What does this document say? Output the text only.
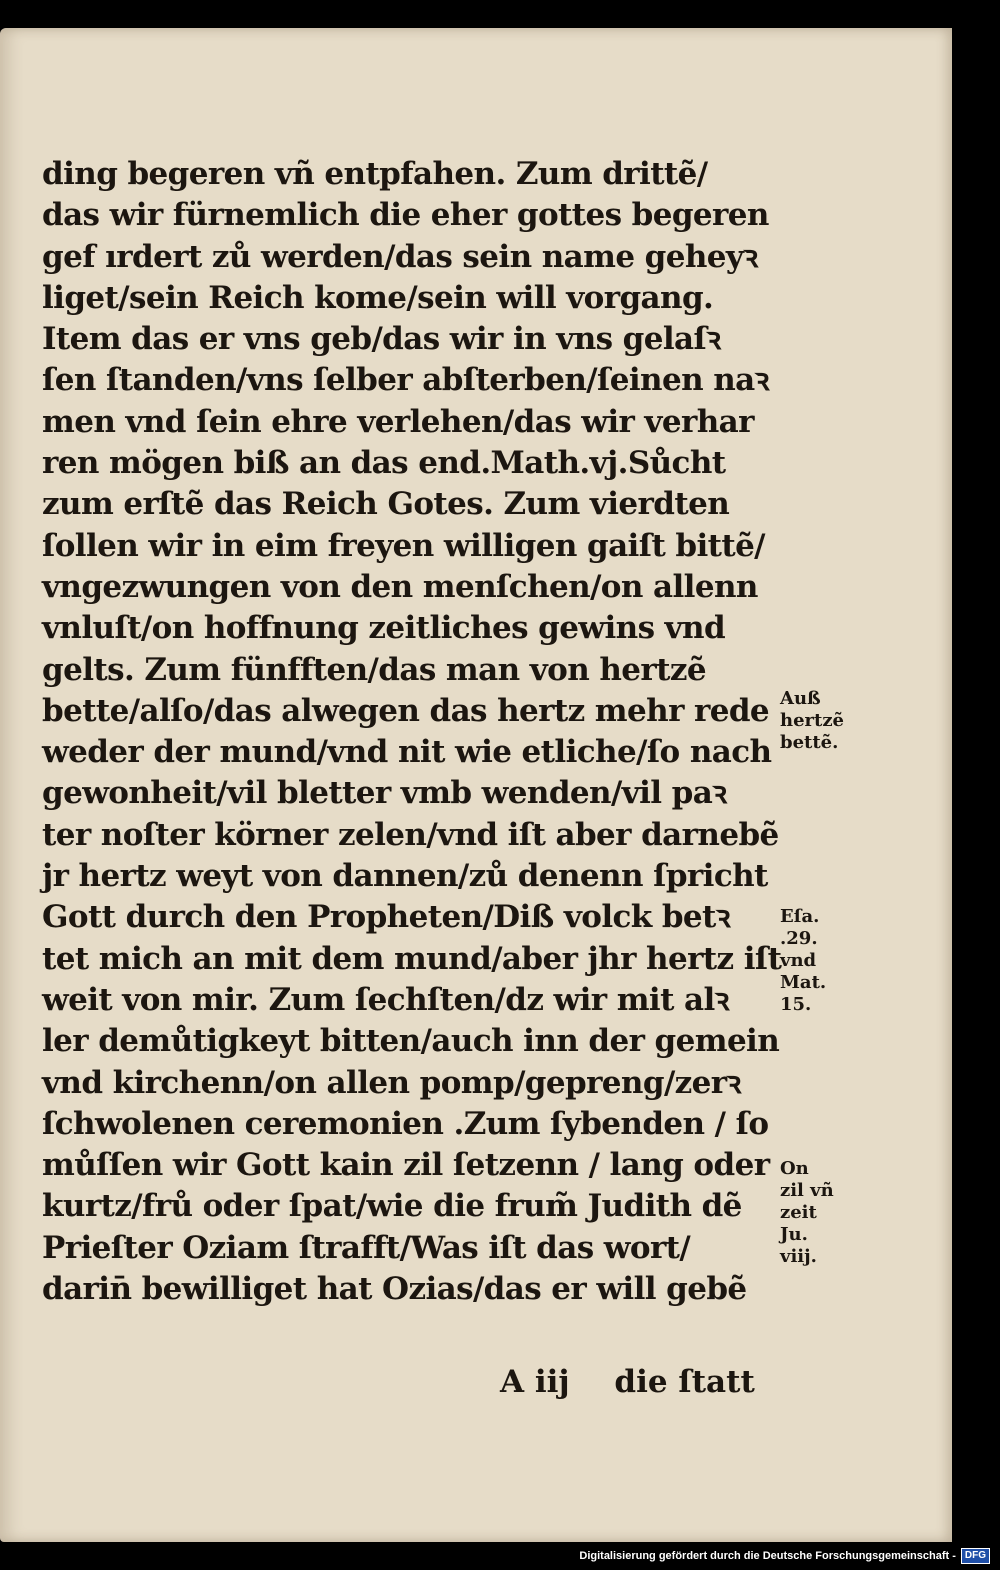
ding begeren vñ entpfahen. Zum drittẽ/
das wir fürnemlich die eher gottes begeren
gef ırdert zů werden/das sein name geheyꝛ
liget/sein Reich kome/sein will vorgang.
Item das er vns geb/das wir in vns gelaſꝛ
ſen ſtanden/vns ſelber abſterben/ſeinen naꝛ
men vnd ſein ehre verlehen/das wir verhar
ren mögen biß an das end.Math.vj.Sůcht
zum erſtẽ das Reich Gotes. Zum vierdten
ſollen wir in eim freyen willigen gaiſt bittẽ/
vngezwungen von den menſchen/on allenn
vnluſt/on hoffnung zeitliches gewins vnd
gelts. Zum fünfften/das man von hertzẽ
bette/alſo/das alwegen das hertz mehr rede
weder der mund/vnd nit wie etliche/ſo nach
gewonheit/vil bletter vmb wenden/vil paꝛ
ter noſter körner zelen/vnd iſt aber darnebẽ
jr hertz weyt von dannen/zů denenn ſpricht
Gott durch den Propheten/Diß volck betꝛ
tet mich an mit dem mund/aber jhr hertz iſt
weit von mir. Zum ſechſten/dz wir mit alꝛ
ler demůtigkeyt bitten/auch inn der gemein
vnd kirchenn/on allen pomp/gepreng/zerꝛ
ſchwolenen ceremonien .Zum ſybenden / ſo
můſſen wir Gott kain zil ſetzenn / lang oder
kurtz/frů oder ſpat/wie die frum̃ Judith dẽ
Prieſter Oziam ſtrafft/Was iſt das wort/
darin̄ bewilliget hat Ozias/das er will gebẽ

Auß
hertzẽ
bettẽ.

Eſa.
.29.
vnd
Mat.
15.

On
zil vñ
zeit
Ju.
viij.

A iij die ſtatt
Digitalisierung gefördert durch die Deutsche Forschungsgemeinschaft - DFG
